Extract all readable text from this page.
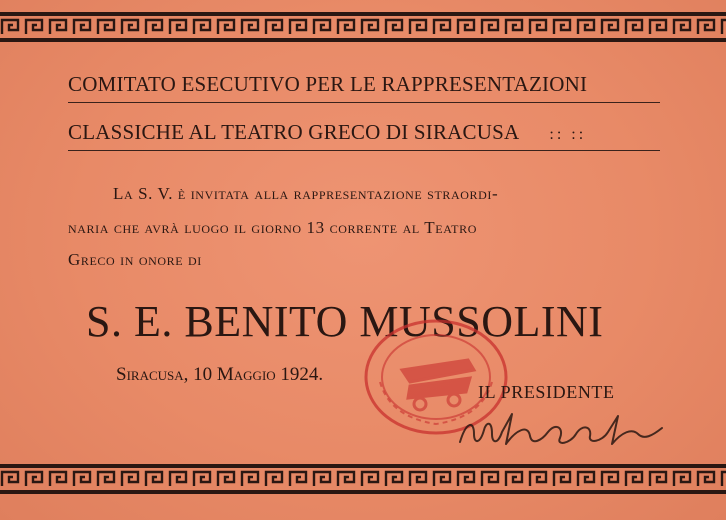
COMITATO ESECUTIVO PER LE RAPPRESENTAZIONI
CLASSICHE AL TEATRO GRECO DI SIRACUSA :: ::
La S. V. è invitata alla rappresentazione straordi-
naria che avrà luogo il giorno 13 corrente al Teatro
Greco in onore di
S. E. BENITO MUSSOLINI
Siracusa, 10 Maggio 1924.
IL PRESIDENTE
